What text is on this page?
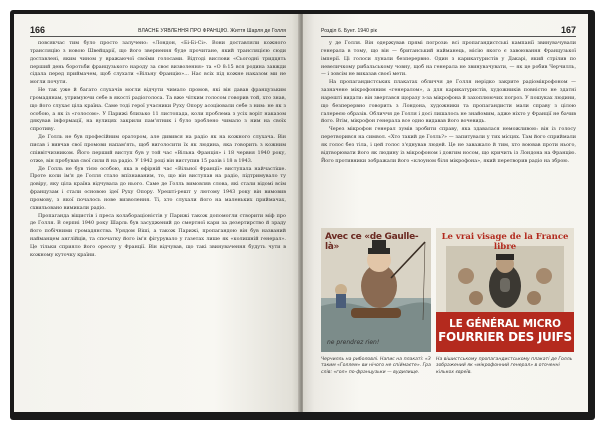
166	ВЛАСНЕ УЯВЛЕННЯ ПРО ФРАНЦІЮ. Життя Шарля де Голля

повсякчас тим було просто залучено: «Лондон, «Бі-Бі-Сі». Вони доставляли кожного трансляцію з новою Швейцарії, що його звернення буде прочитане, який трансляцією сюди доставлені, яким чином у вражаючої своїми голосами. Відтоді вислови «Сьогодні тридцять перший день боротьби французького народу за своє визволення» та «О 8:15 вся родина завжди сідала перед приймачем, щоб слухати «Вільну Францію»... Нас всіх під кожне наказом ми не могли почути.

Не так уже й багато слухачів могли відчути чимало промов, які він давав французьким громадянам, утримуючи себе в якості радіоголоса. Та вже чітким голосом говорив той, хто знав, що його слухає ціла країна. Саме тоді герої учасники Руху Опору асоціювали себе з ним: не як з особою, а як із «голосом». У Парижі близько 11 листопада, коли проблема з усіх воріт наказом дякував інформації, на вулицях закрили пам'ятник і було зроблено чимало з ним на своїх спротиву.

Де Голль не був професійним оратором, але дивився на радіо як на кожного слухача. Він писав і вивчав свої промови напам'ять, щоб виголосити їх як людина, яка говорить з кожним співвітчизником. Його перший виступ був у той час «Вільна Франція» і 18 червня 1940 року, отже, він пробував свої сили й на радіо. У 1942 році він виступив 15 разів і 18 в 1943.

Де Голль не був тією особою, яка в ефірній час «Вільної Франції» виступала найчастіше. Проте коли ім'я де Голля стало впізнаваним, то, що він виступав на радіо, підтримувало ту довіру, яку ціла країна відчувала до нього. Саме де Голль вимовляв слова, які стали відомі всім французам і стали основою ідеї Руху Опору. Урешті-решт у лютому 1943 року він вимовив промову, з якої почалось нове визволення. Ті, хто слухали його на маленьких приймачах, схвильовано вимикали радіо.

Пропаганда віщистів і преса колабораціоністів у Парижі також допомогли створити міф про де Голля. В серпні 1940 року Шарль був засуджений до смертної кари за дезертирство й зраду його побічними громадянства. Урядом Віші, а також Парижі, пропагандою він був названий найманцем англійців, та спочатку його ім'я фігурувало у газетах лише як «колишній генерал». Це тільки сприяло його ореолу у Франції. Він відчував, що такі звинувачення будуть чути в кожному куточку країни.

Розділ 6. Бунт. 1940 рік	167

у де Голля. Він одержував прямі погрози: всі пропагандистські кампанії звинувачували генерала в тому, що він — британський найманець, місію якого є завоювання Французької імперії. Ці голоси лунали безперервно. Один з карикатуристів у Дакарі, який стрілив по невеличкому рибальському човну, щоб на генерала не звинувачувати, — як це робив Черчилль, — і зовсім не виказав своєї мети.

На пропагандистських плакатах обличчя де Голля нерідко закрите радіомікрофоном — зазначене мікрофонним «генералом», а для карикатуристів, художників повністю не здатні нарешті видати: він звертався щоразу з-за мікрофона й захоплюючих погроз. У пошуках людини, що безперервно говорить з Лондона, художники та пропагандисти мали справу з цілою галереєю образів. Обличчя де Голля і досі лишалось не знайомим, адже ніхто у Франції не бачив його. Втім, мікрофон генерала все одно видавав його вочевидь.

Через мікрофон генерал зумів зробити справу, яка здавалася неможливою: він із голосу перетворився на символ. «Хто такий де Голль?» — запитували у тих місцях. Там його сприймали як голос без тіла, і цей голос з'єднував людей. Це не заважало й тим, хто воював проти нього, відтворювати його як людину із мікрофоном і довгим носом, що кричить із Лондона на Францію. Його противники зображали його «клоуном біля мікрофона», який перетворив радіо на зброю.

Avec ce «de Gaulle-là»
ne prendrez rien!
Le vrai visage de la France libre
LE GÉNÉRAL MICRO
FOURRIER DES JUIFS
Черчилль на риболовлі. Напис на плакаті: «З таким «Голлем» ви нічого не спіймаєте». Гра слів: «гол» по-французьки — вудилище.
На вішистському пропагандистському плакаті де Голль зображений як «мікрофонний генерал» в оточенні кількох євреїв.
